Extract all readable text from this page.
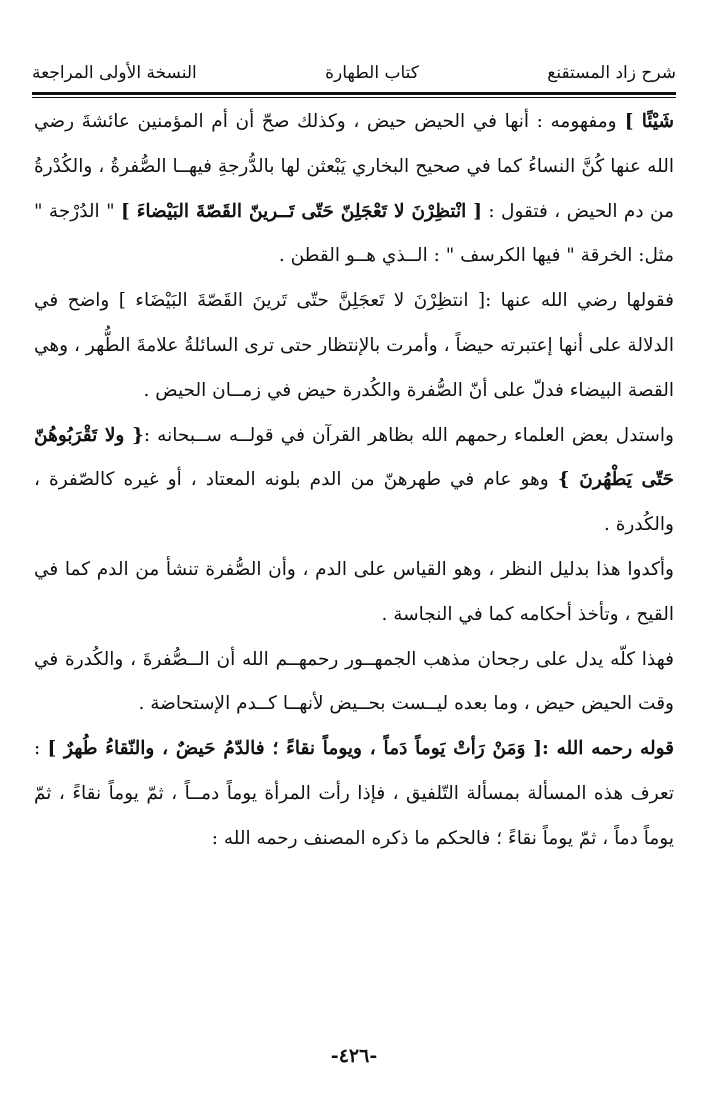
شرح زاد المستقنع
كتاب الطهارة
النسخة الأولى المراجعة

شَيْئًا ] ومفهومه : أنها في الحيض حيض ، وكذلك صحّ أن أم المؤمنين عائشةَ رضي الله عنها كُنَّ النساءُ كما في صحيح البخاري يَبْعثن لها بالدُّرجةِ فيهــا الصُّفرةُ ، والكُدْرةُ من دم الحيض ، فتقول : [ انْتظِرْنَ لا تَعْجَلِنّ حَتّى تَــرينّ القَصّةَ البَيْضاءَ ] " الدُرْجة " مثل: الخرقة " فيها الكرسف " : الــذي هــو القطن .

فقولها رضي الله عنها :[ انتظِرْنَ لا تَعجَلِنَّ حتّى تَرينَ القَصّةَ البَيْضَاء ] واضح في الدلالة على أنها إعتبرته حيضاً ، وأمرت بالإنتظار حتى ترى السائلةُ علامةَ الطُّهر ، وهي القصة البيضاء فدلّ على أنّ الصُّفرة والكُدرة حيض في زمــان الحيض .

واستدل بعض العلماء رحمهم الله بظاهر القرآن في قولــه ســبحانه :{ ولا تَقْرَبُوهُنّ حَتّى يَطْهُرنَ } وهو عام في طهرهنّ من الدم بلونه المعتاد ، أو غيره كالصّفرة ، والكُدرة .

وأكدوا هذا بدليل النظر ، وهو القياس على الدم ، وأن الصُّفرة تنشأ من الدم كما في القيح ، وتأخذ أحكامه كما في النجاسة .

فهذا كلّه يدل على رجحان مذهب الجمهــور رحمهــم الله أن الــصُّفرةَ ، والكُدرة في وقت الحيض حيض ، وما بعده ليــست بحــيض لأنهــا كــدم الإستحاضة .

قوله رحمه الله :[ وَمَنْ رَأتْ يَوماً دَماً ، ويوماً نقاءً ؛ فالدّمُ حَيضٌ ، والنّقاءُ طُهرٌ ] : تعرف هذه المسألة بمسألة التّلفيق ، فإذا رأت المرأة يوماً دمــاً ، ثمّ يوماً نقاءً ، ثمّ يوماً دماً ، ثمّ يوماً نقاءً ؛ فالحكم ما ذكره المصنف رحمه الله :

-٤٢٦-
